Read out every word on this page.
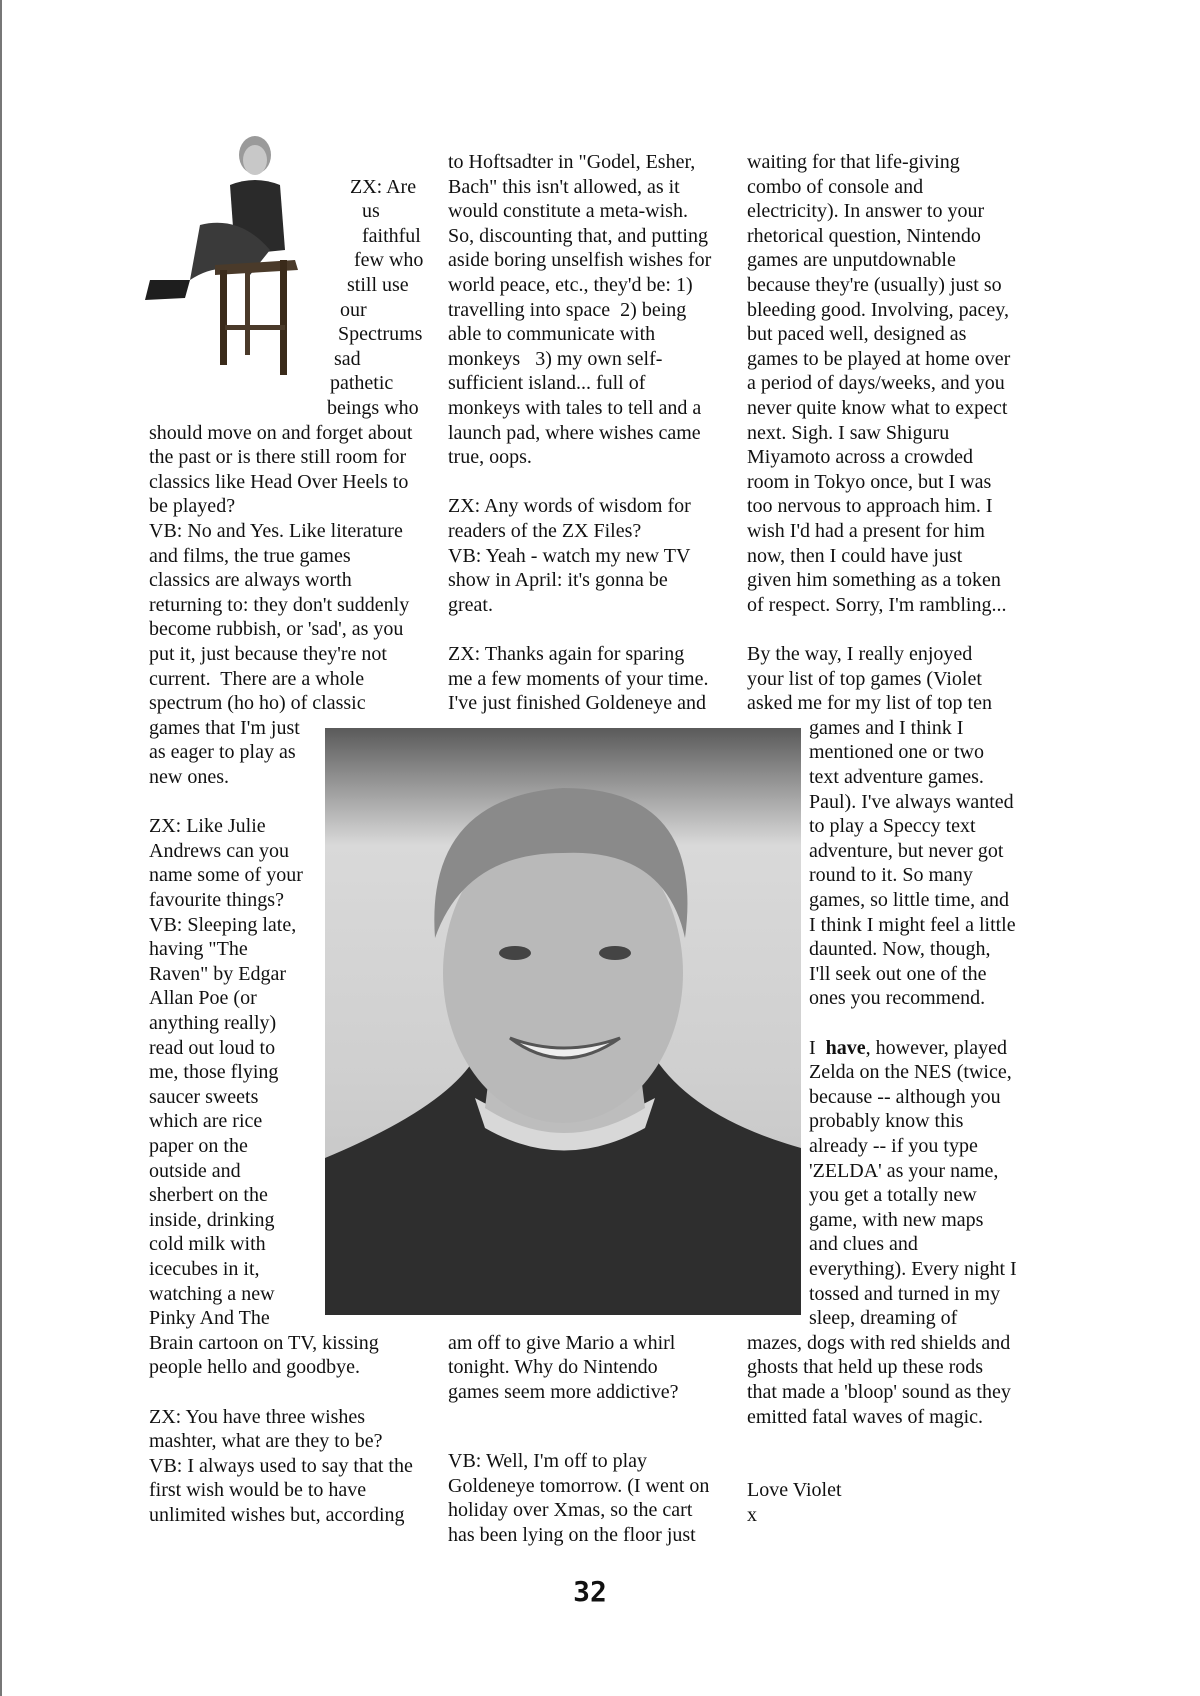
ZX: Are
us
faithful
few who
still use
our
Spectrums
sad
pathetic
beings who
should move on and forget about
the past or is there still room for
classics like Head Over Heels to
be played?
VB: No and Yes. Like literature
and films, the true games
classics are always worth
returning to: they don't suddenly
become rubbish, or 'sad', as you
put it, just because they're not
current.  There are a whole
spectrum (ho ho) of classic
games that I'm just
as eager to play as
new ones.
ZX: Like Julie
Andrews can you
name some of your
favourite things?
VB: Sleeping late,
having "The
Raven" by Edgar
Allan Poe (or
anything really)
read out loud to
me, those flying
saucer sweets
which are rice
paper on the
outside and
sherbert on the
inside, drinking
cold milk with
icecubes in it,
watching a new
Pinky And The
Brain cartoon on TV, kissing
people hello and goodbye.
ZX: You have three wishes
mashter, what are they to be?
VB: I always used to say that the
first wish would be to have
unlimited wishes but, according
to Hoftsadter in "Godel, Esher,
Bach" this isn't allowed, as it
would constitute a meta-wish.
So, discounting that, and putting
aside boring unselfish wishes for
world peace, etc., they'd be: 1)
travelling into space  2) being
able to communicate with
monkeys   3) my own self-
sufficient island... full of
monkeys with tales to tell and a
launch pad, where wishes came
true, oops.
ZX: Any words of wisdom for
readers of the ZX Files?
VB: Yeah - watch my new TV
show in April: it's gonna be
great.
ZX: Thanks again for sparing
me a few moments of your time.
I've just finished Goldeneye and
am off to give Mario a whirl
tonight. Why do Nintendo
games seem more addictive?
VB: Well, I'm off to play
Goldeneye tomorrow. (I went on
holiday over Xmas, so the cart
has been lying on the floor just
waiting for that life-giving
combo of console and
electricity). In answer to your
rhetorical question, Nintendo
games are unputdownable
because they're (usually) just so
bleeding good. Involving, pacey,
but paced well, designed as
games to be played at home over
a period of days/weeks, and you
never quite know what to expect
next. Sigh. I saw Shiguru
Miyamoto across a crowded
room in Tokyo once, but I was
too nervous to approach him. I
wish I'd had a present for him
now, then I could have just
given him something as a token
of respect. Sorry, I'm rambling...
By the way, I really enjoyed
your list of top games (Violet
asked me for my list of top ten
games and I think I
mentioned one or two
text adventure games.
Paul). I've always wanted
to play a Speccy text
adventure, but never got
round to it. So many
games, so little time, and
I think I might feel a little
daunted. Now, though,
I'll seek out one of the
ones you recommend.
I  have, however, played
Zelda on the NES (twice,
because -- although you
probably know this
already -- if you type
'ZELDA' as your name,
you get a totally new
game, with new maps
and clues and
everything). Every night I
tossed and turned in my
sleep, dreaming of
mazes, dogs with red shields and
ghosts that held up these rods
that made a 'bloop' sound as they
emitted fatal waves of magic.
Love Violet
x
32
